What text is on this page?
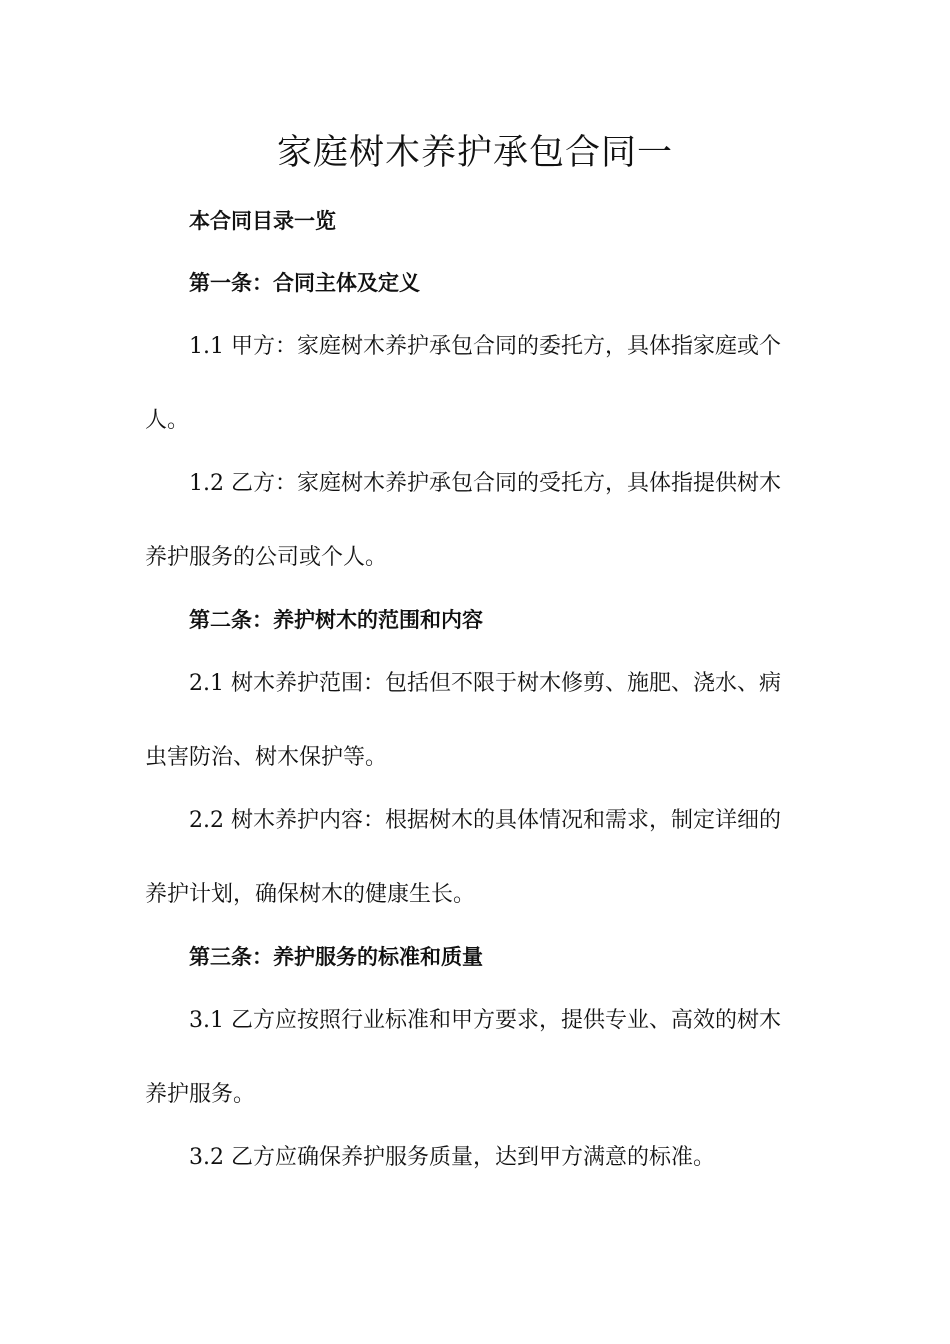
家庭树木养护承包合同一

本合同目录一览

第一条：合同主体及定义

1.1 甲方：家庭树木养护承包合同的委托方，具体指家庭或个

人。

1.2 乙方：家庭树木养护承包合同的受托方，具体指提供树木

养护服务的公司或个人。

第二条：养护树木的范围和内容

2.1 树木养护范围：包括但不限于树木修剪、施肥、浇水、病

虫害防治、树木保护等。

2.2 树木养护内容：根据树木的具体情况和需求，制定详细的

养护计划，确保树木的健康生长。

第三条：养护服务的标准和质量

3.1 乙方应按照行业标准和甲方要求，提供专业、高效的树木

养护服务。

3.2 乙方应确保养护服务质量，达到甲方满意的标准。
